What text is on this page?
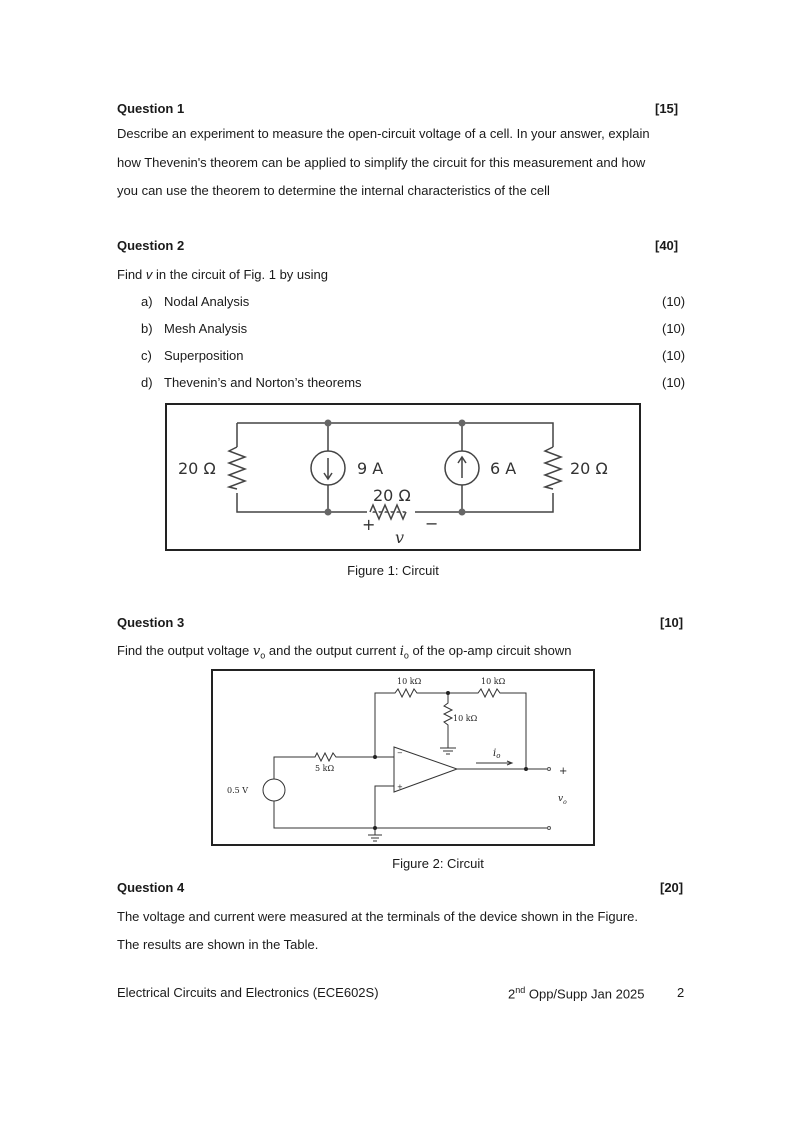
Question 1	[15]
Describe an experiment to measure the open-circuit voltage of a cell. In your answer, explain
how Thevenin's theorem can be applied to simplify the circuit for this measurement and how
you can use the theorem to determine the internal characteristics of the cell
Question 2	[40]
Find v in the circuit of Fig. 1 by using
a) Nodal Analysis	(10)
b) Mesh Analysis	(10)
c) Superposition	(10)
d) Thevenin’s and Norton’s theorems	(10)
20 Ω	9 A
20 Ω
6 A	20 Ω
+	−
v
Figure 1: Circuit
Question 3	[10]
Find the output voltage $v_o$ and the output current $i_o$ of the op-amp circuit shown
10 kΩ	10 kΩ
10 kΩ
5 kΩ
0.5 V
−
+
$i_o$
+
$v_o$
Figure 2: Circuit
Question 4	[20]
The voltage and current were measured at the terminals of the device shown in the Figure.
The results are shown in the Table.
Electrical Circuits and Electronics (ECE602S)	2nd Opp/Supp Jan 2025 2
